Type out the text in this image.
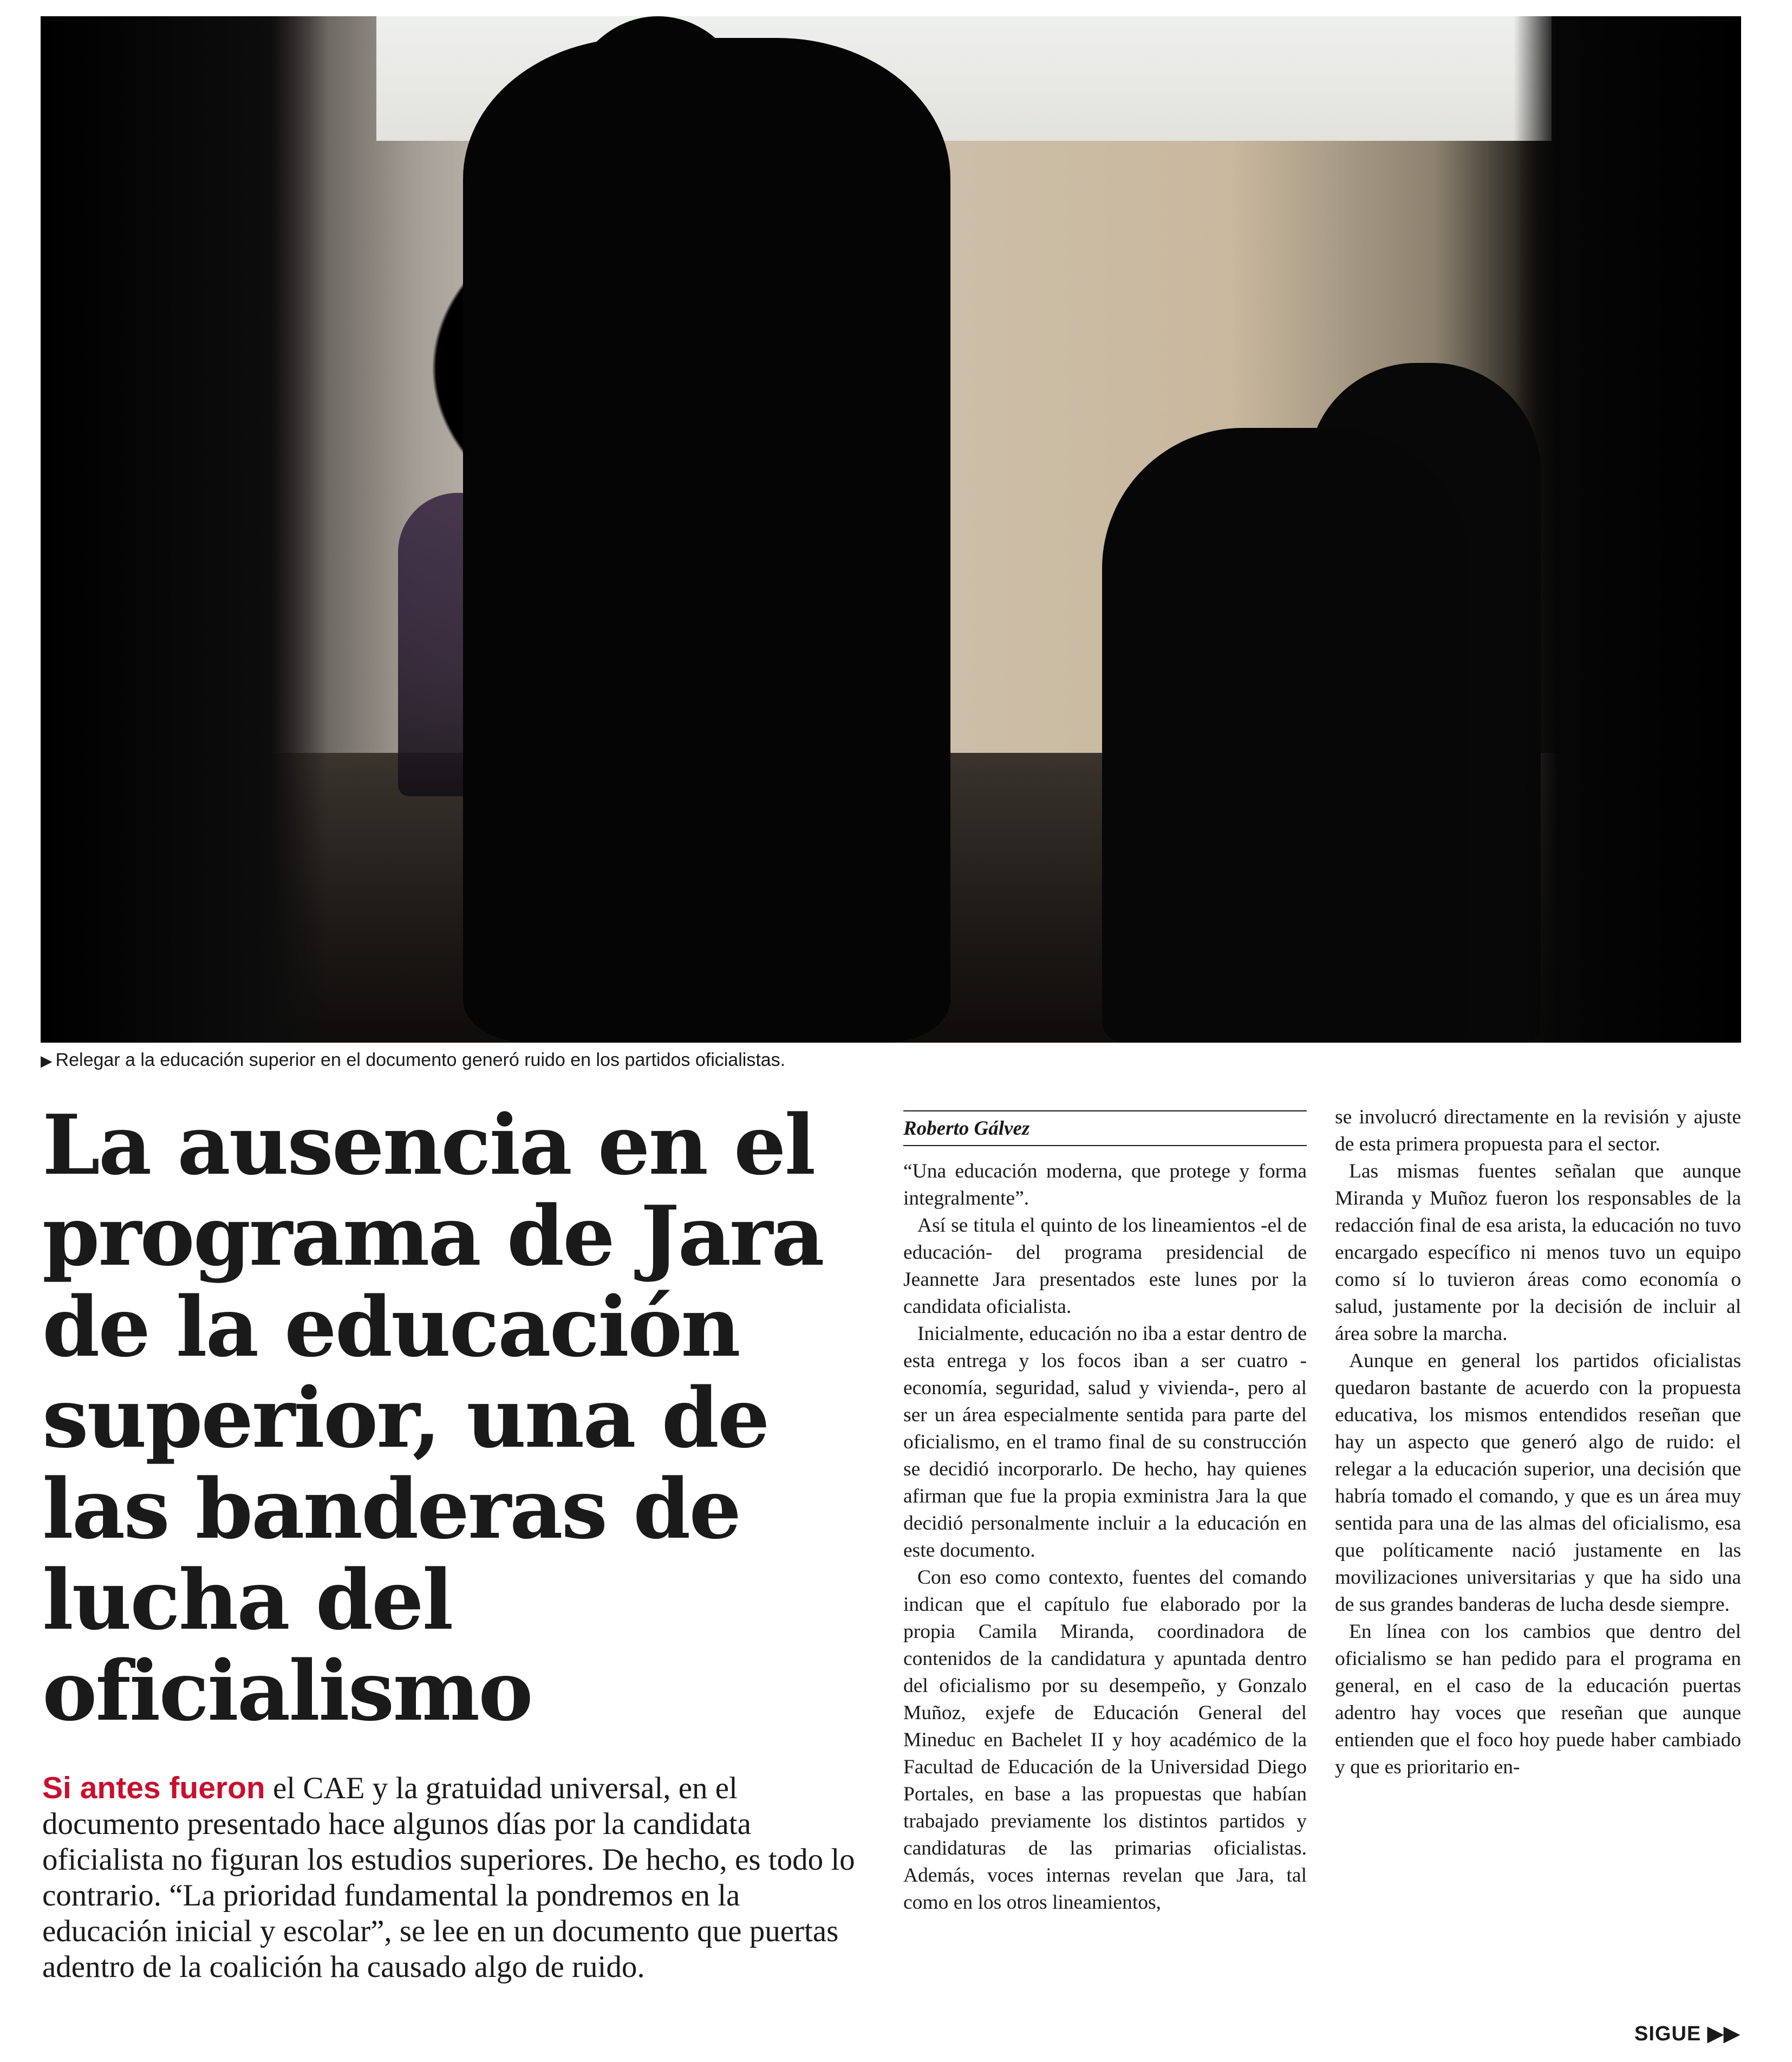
▶ Relegar a la educación superior en el documento generó ruido en los partidos oficialistas.
La ausencia en el programa de Jara de la educación superior, una de las banderas de lucha del oficialismo

Si antes fueron el CAE y la gratuidad universal, en el documento presentado hace algunos días por la candidata oficialista no figuran los estudios superiores. De hecho, es todo lo contrario. “La prioridad fundamental la pondremos en la educación inicial y escolar”, se lee en un documento que puertas adentro de la coalición ha causado algo de ruido.

Roberto Gálvez

“Una educación moderna, que protege y forma integralmente”.

Así se titula el quinto de los lineamientos -el de educación- del programa presidencial de Jeannette Jara presentados este lunes por la candidata oficialista.

Inicialmente, educación no iba a estar dentro de esta entrega y los focos iban a ser cuatro -economía, seguridad, salud y vivienda-, pero al ser un área especialmente sentida para parte del oficialismo, en el tramo final de su construcción se decidió incorporarlo. De hecho, hay quienes afirman que fue la propia exministra Jara la que decidió personalmente incluir a la educación en este documento.

Con eso como contexto, fuentes del comando indican que el capítulo fue elaborado por la propia Camila Miranda, coordinadora de contenidos de la candidatura y apuntada dentro del oficialismo por su desempeño, y Gonzalo Muñoz, exjefe de Educación General del Mineduc en Bachelet II y hoy académico de la Facultad de Educación de la Universidad Diego Portales, en base a las propuestas que habían trabajado previamente los distintos partidos y candidaturas de las primarias oficialistas. Además, voces internas revelan que Jara, tal como en los otros lineamientos,

se involucró directamente en la revisión y ajuste de esta primera propuesta para el sector.

Las mismas fuentes señalan que aunque Miranda y Muñoz fueron los responsables de la redacción final de esa arista, la educación no tuvo encargado específico ni menos tuvo un equipo como sí lo tuvieron áreas como economía o salud, justamente por la decisión de incluir al área sobre la marcha.

Aunque en general los partidos oficialistas quedaron bastante de acuerdo con la propuesta educativa, los mismos entendidos reseñan que hay un aspecto que generó algo de ruido: el relegar a la educación superior, una decisión que habría tomado el comando, y que es un área muy sentida para una de las almas del oficialismo, esa que políticamente nació justamente en las movilizaciones universitarias y que ha sido una de sus grandes banderas de lucha desde siempre.

En línea con los cambios que dentro del oficialismo se han pedido para el programa en general, en el caso de la educación puertas adentro hay voces que reseñan que aunque entienden que el foco hoy puede haber cambiado y que es prioritario en-

SIGUE ▶▶
